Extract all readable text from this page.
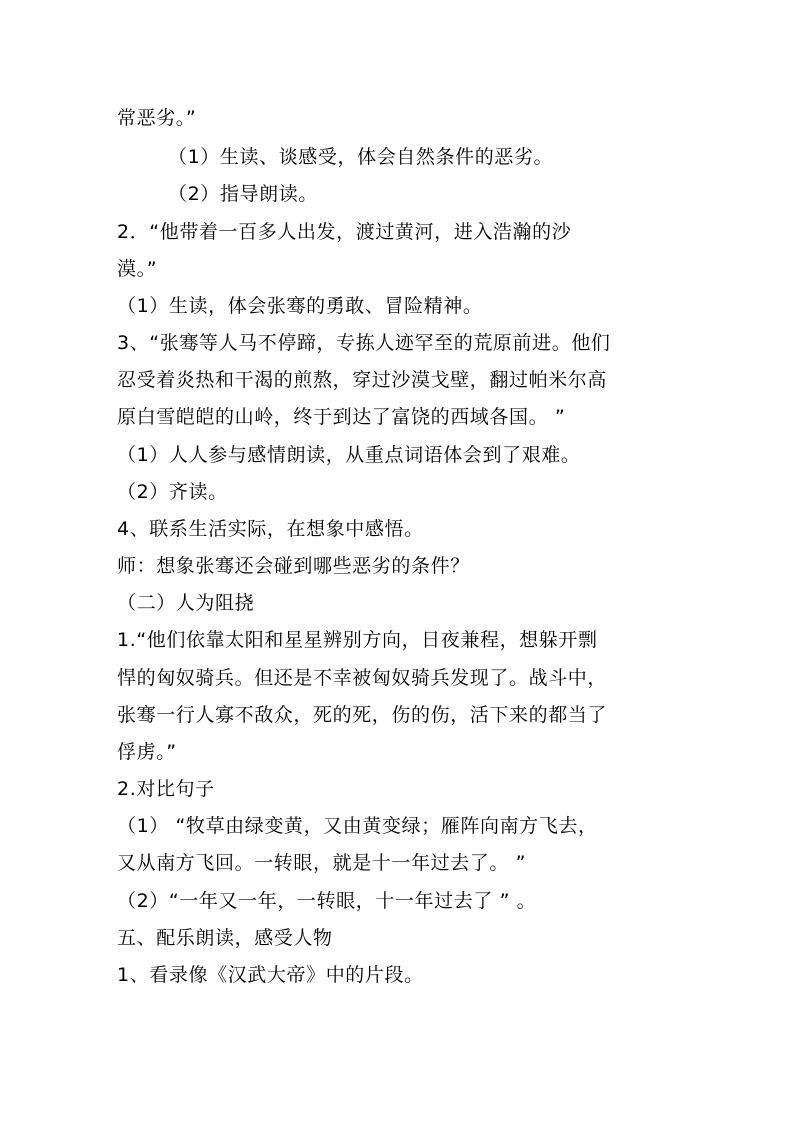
常恶劣。”
（1）生读、谈感受，体会自然条件的恶劣。
（2）指导朗读。
2．“他带着一百多人出发，渡过黄河，进入浩瀚的沙
漠。”
（1）生读，体会张骞的勇敢、冒险精神。
3、“张骞等人马不停蹄，专拣人迹罕至的荒原前进。他们
忍受着炎热和干渴的煎熬，穿过沙漠戈壁，翻过帕米尔高
原白雪皑皑的山岭，终于到达了富饶的西域各国。 ”
（1）人人参与感情朗读，从重点词语体会到了艰难。
（2）齐读。
4、联系生活实际，在想象中感悟。
师：想象张骞还会碰到哪些恶劣的条件？
（二）人为阻挠
1.“他们依靠太阳和星星辨别方向，日夜兼程，想躲开剽
悍的匈奴骑兵。但还是不幸被匈奴骑兵发现了。战斗中，
张骞一行人寡不敌众，死的死，伤的伤，活下来的都当了
俘虏。”
2.对比句子
（1） “牧草由绿变黄，又由黄变绿；雁阵向南方飞去，
又从南方飞回。一转眼，就是十一年过去了。 ”
（2）“一年又一年，一转眼，十一年过去了 ” 。
五、配乐朗读，感受人物
1、看录像《汉武大帝》中的片段。
